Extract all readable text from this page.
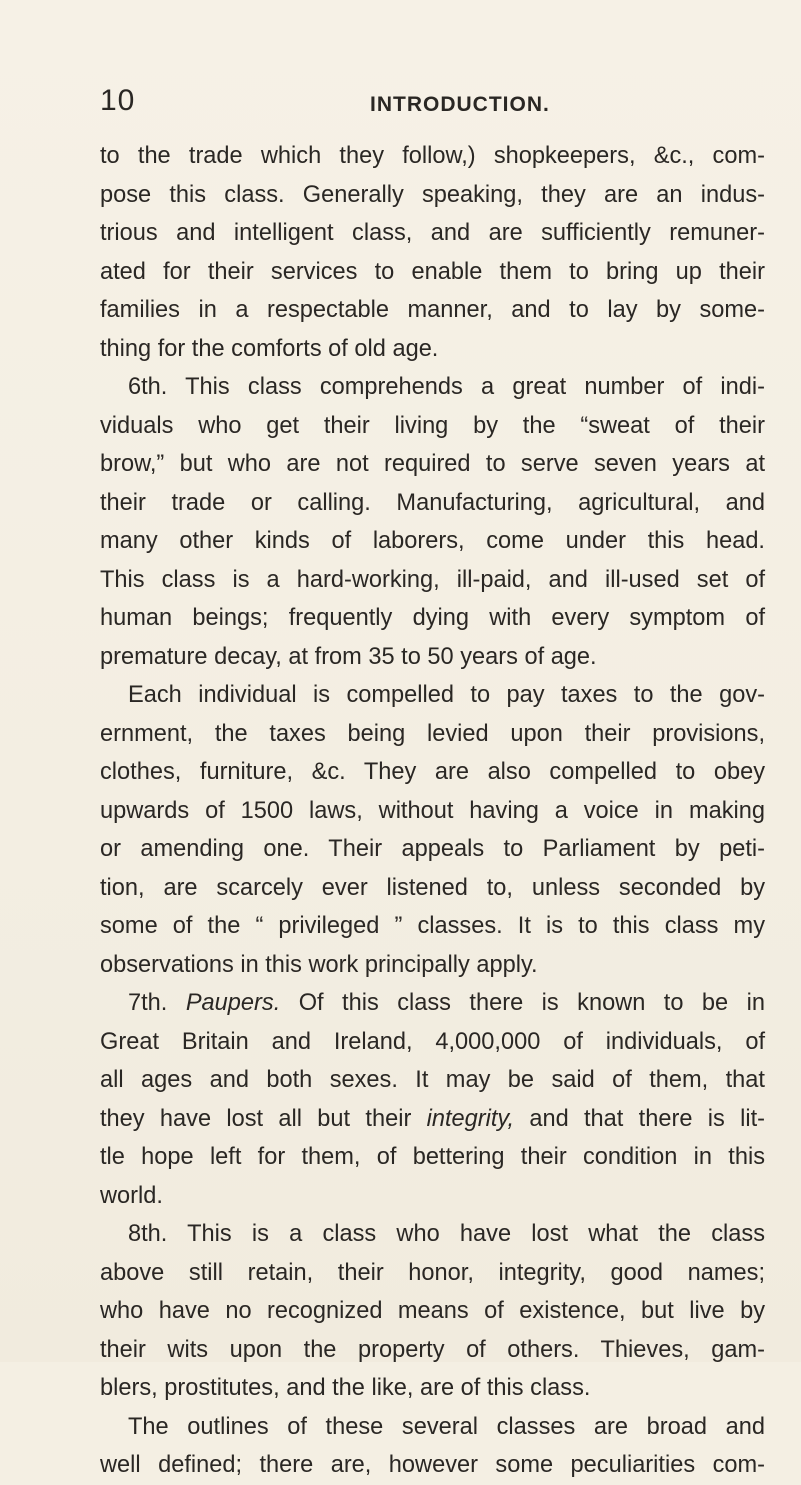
10	INTRODUCTION.
to the trade which they follow,) shopkeepers, &c., com-
pose this class. Generally speaking, they are an indus-
trious and intelligent class, and are sufficiently remuner-
ated for their services to enable them to bring up their
families in a respectable manner, and to lay by some-
thing for the comforts of old age.
6th. This class comprehends a great number of indi-
viduals who get their living by the “sweat of their
brow,” but who are not required to serve seven years at
their trade or calling. Manufacturing, agricultural, and
many other kinds of laborers, come under this head.
This class is a hard-working, ill-paid, and ill-used set of
human beings; frequently dying with every symptom of
premature decay, at from 35 to 50 years of age.
Each individual is compelled to pay taxes to the gov-
ernment, the taxes being levied upon their provisions,
clothes, furniture, &c. They are also compelled to obey
upwards of 1500 laws, without having a voice in making
or amending one. Their appeals to Parliament by peti-
tion, are scarcely ever listened to, unless seconded by
some of the “ privileged ” classes. It is to this class my
observations in this work principally apply.
7th. Paupers. Of this class there is known to be in
Great Britain and Ireland, 4,000,000 of individuals, of
all ages and both sexes. It may be said of them, that
they have lost all but their integrity, and that there is lit-
tle hope left for them, of bettering their condition in this
world.
8th. This is a class who have lost what the class
above still retain, their honor, integrity, good names;
who have no recognized means of existence, but live by
their wits upon the property of others. Thieves, gam-
blers, prostitutes, and the like, are of this class.
The outlines of these several classes are broad and
well defined; there are, however some peculiarities com-
